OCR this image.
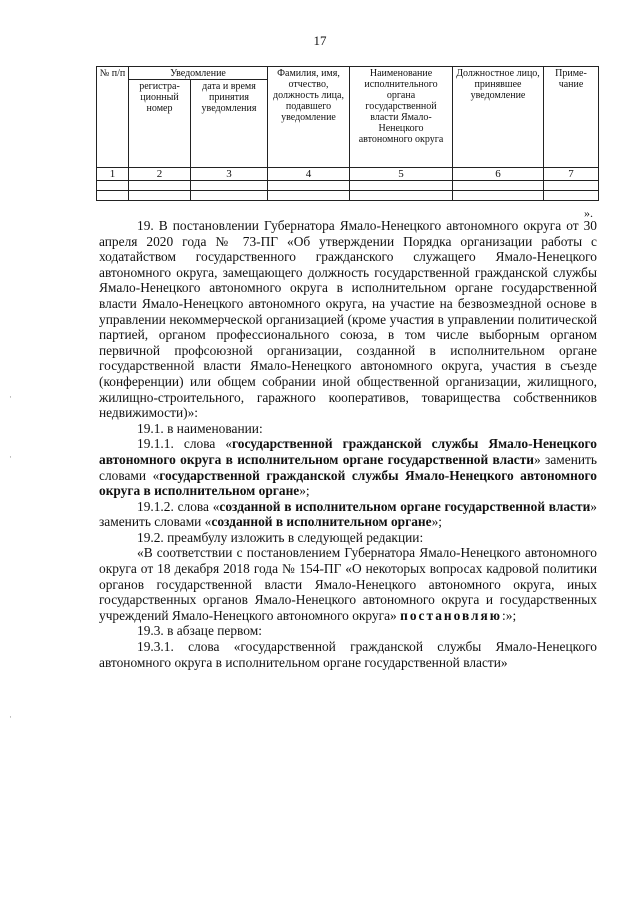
17
№ п/п	Уведомление		Фамилия, имя, отчество, должность лица, подавшего уведомление	Наименование исполнительного органа государственной власти Ямало-Ненецкого автономного округа	Должностное лицо, принявшее уведомление	Приме-чание
	регистра-ционный номер	дата и время принятия уведомления				
1	2	3	4	5	6	7

».

19. В постановлении Губернатора Ямало-Ненецкого автономного округа от 30 апреля 2020 года № 73-ПГ «Об утверждении Порядка организации работы с ходатайством государственного гражданского служащего Ямало-Ненецкого автономного округа, замещающего должность государственной гражданской службы Ямало-Ненецкого автономного округа в исполнительном органе государственной власти Ямало-Ненецкого автономного округа, на участие на безвозмездной основе в управлении некоммерческой организацией (кроме участия в управлении политической партией, органом профессионального союза, в том числе выборным органом первичной профсоюзной организации, созданной в исполнительном органе государственной власти Ямало-Ненецкого автономного округа, участия в съезде (конференции) или общем собрании иной общественной организации, жилищного, жилищно-строительного, гаражного кооперативов, товарищества собственников недвижимости)»:

19.1. в наименовании:

19.1.1. слова «государственной гражданской службы Ямало-Ненецкого автономного округа в исполнительном органе государственной власти» заменить словами «государственной гражданской службы Ямало-Ненецкого автономного округа в исполнительном органе»;

19.1.2. слова «созданной в исполнительном органе государственной власти» заменить словами «созданной в исполнительном органе»;

19.2. преамбулу изложить в следующей редакции:

«В соответствии с постановлением Губернатора Ямало-Ненецкого автономного округа от 18 декабря 2018 года № 154-ПГ «О некоторых вопросах кадровой политики органов государственной власти Ямало-Ненецкого автономного округа, иных государственных органов Ямало-Ненецкого автономного округа и государственных учреждений Ямало-Ненецкого автономного округа» постановляю:»;

19.3. в абзаце первом:

19.3.1. слова «государственной гражданской службы Ямало-Ненецкого автономного округа в исполнительном органе государственной власти»

·
·
·
